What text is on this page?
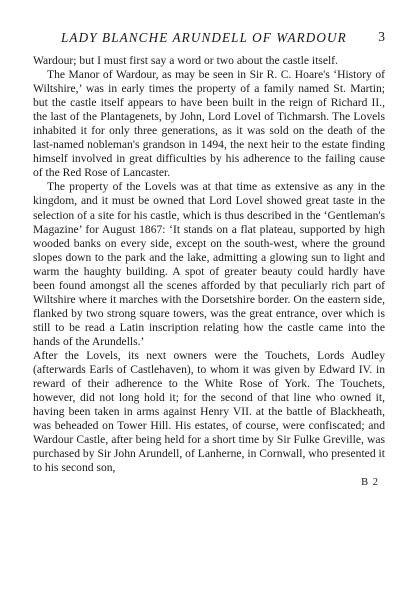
LADY BLANCHE ARUNDELL OF WARDOUR 3

Wardour; but I must first say a word or two about the castle itself.

The Manor of Wardour, as may be seen in Sir R. C. Hoare's ‘History of Wiltshire,’ was in early times the property of a family named St. Martin; but the castle itself appears to have been built in the reign of Richard II., the last of the Plantagenets, by John, Lord Lovel of Tichmarsh. The Lovels inhabited it for only three generations, as it was sold on the death of the last-named nobleman's grandson in 1494, the next heir to the estate finding himself involved in great difficulties by his adherence to the failing cause of the Red Rose of Lancaster.

The property of the Lovels was at that time as extensive as any in the kingdom, and it must be owned that Lord Lovel showed great taste in the selection of a site for his castle, which is thus described in the ‘Gentleman's Magazine’ for August 1867: ‘It stands on a flat plateau, supported by high wooded banks on every side, except on the south-west, where the ground slopes down to the park and the lake, admitting a glowing sun to light and warm the haughty building. A spot of greater beauty could hardly have been found amongst all the scenes afforded by that peculiarly rich part of Wiltshire where it marches with the Dorsetshire border. On the eastern side, flanked by two strong square towers, was the great entrance, over which is still to be read a Latin inscription relating how the castle came into the hands of the Arundells.’

After the Lovels, its next owners were the Touchets, Lords Audley (afterwards Earls of Castlehaven), to whom it was given by Edward IV. in reward of their adherence to the White Rose of York. The Touchets, however, did not long hold it; for the second of that line who owned it, having been taken in arms against Henry VII. at the battle of Blackheath, was beheaded on Tower Hill. His estates, of course, were confiscated; and Wardour Castle, after being held for a short time by Sir Fulke Greville, was purchased by Sir John Arundell, of Lanherne, in Cornwall, who presented it to his second son,

B 2
